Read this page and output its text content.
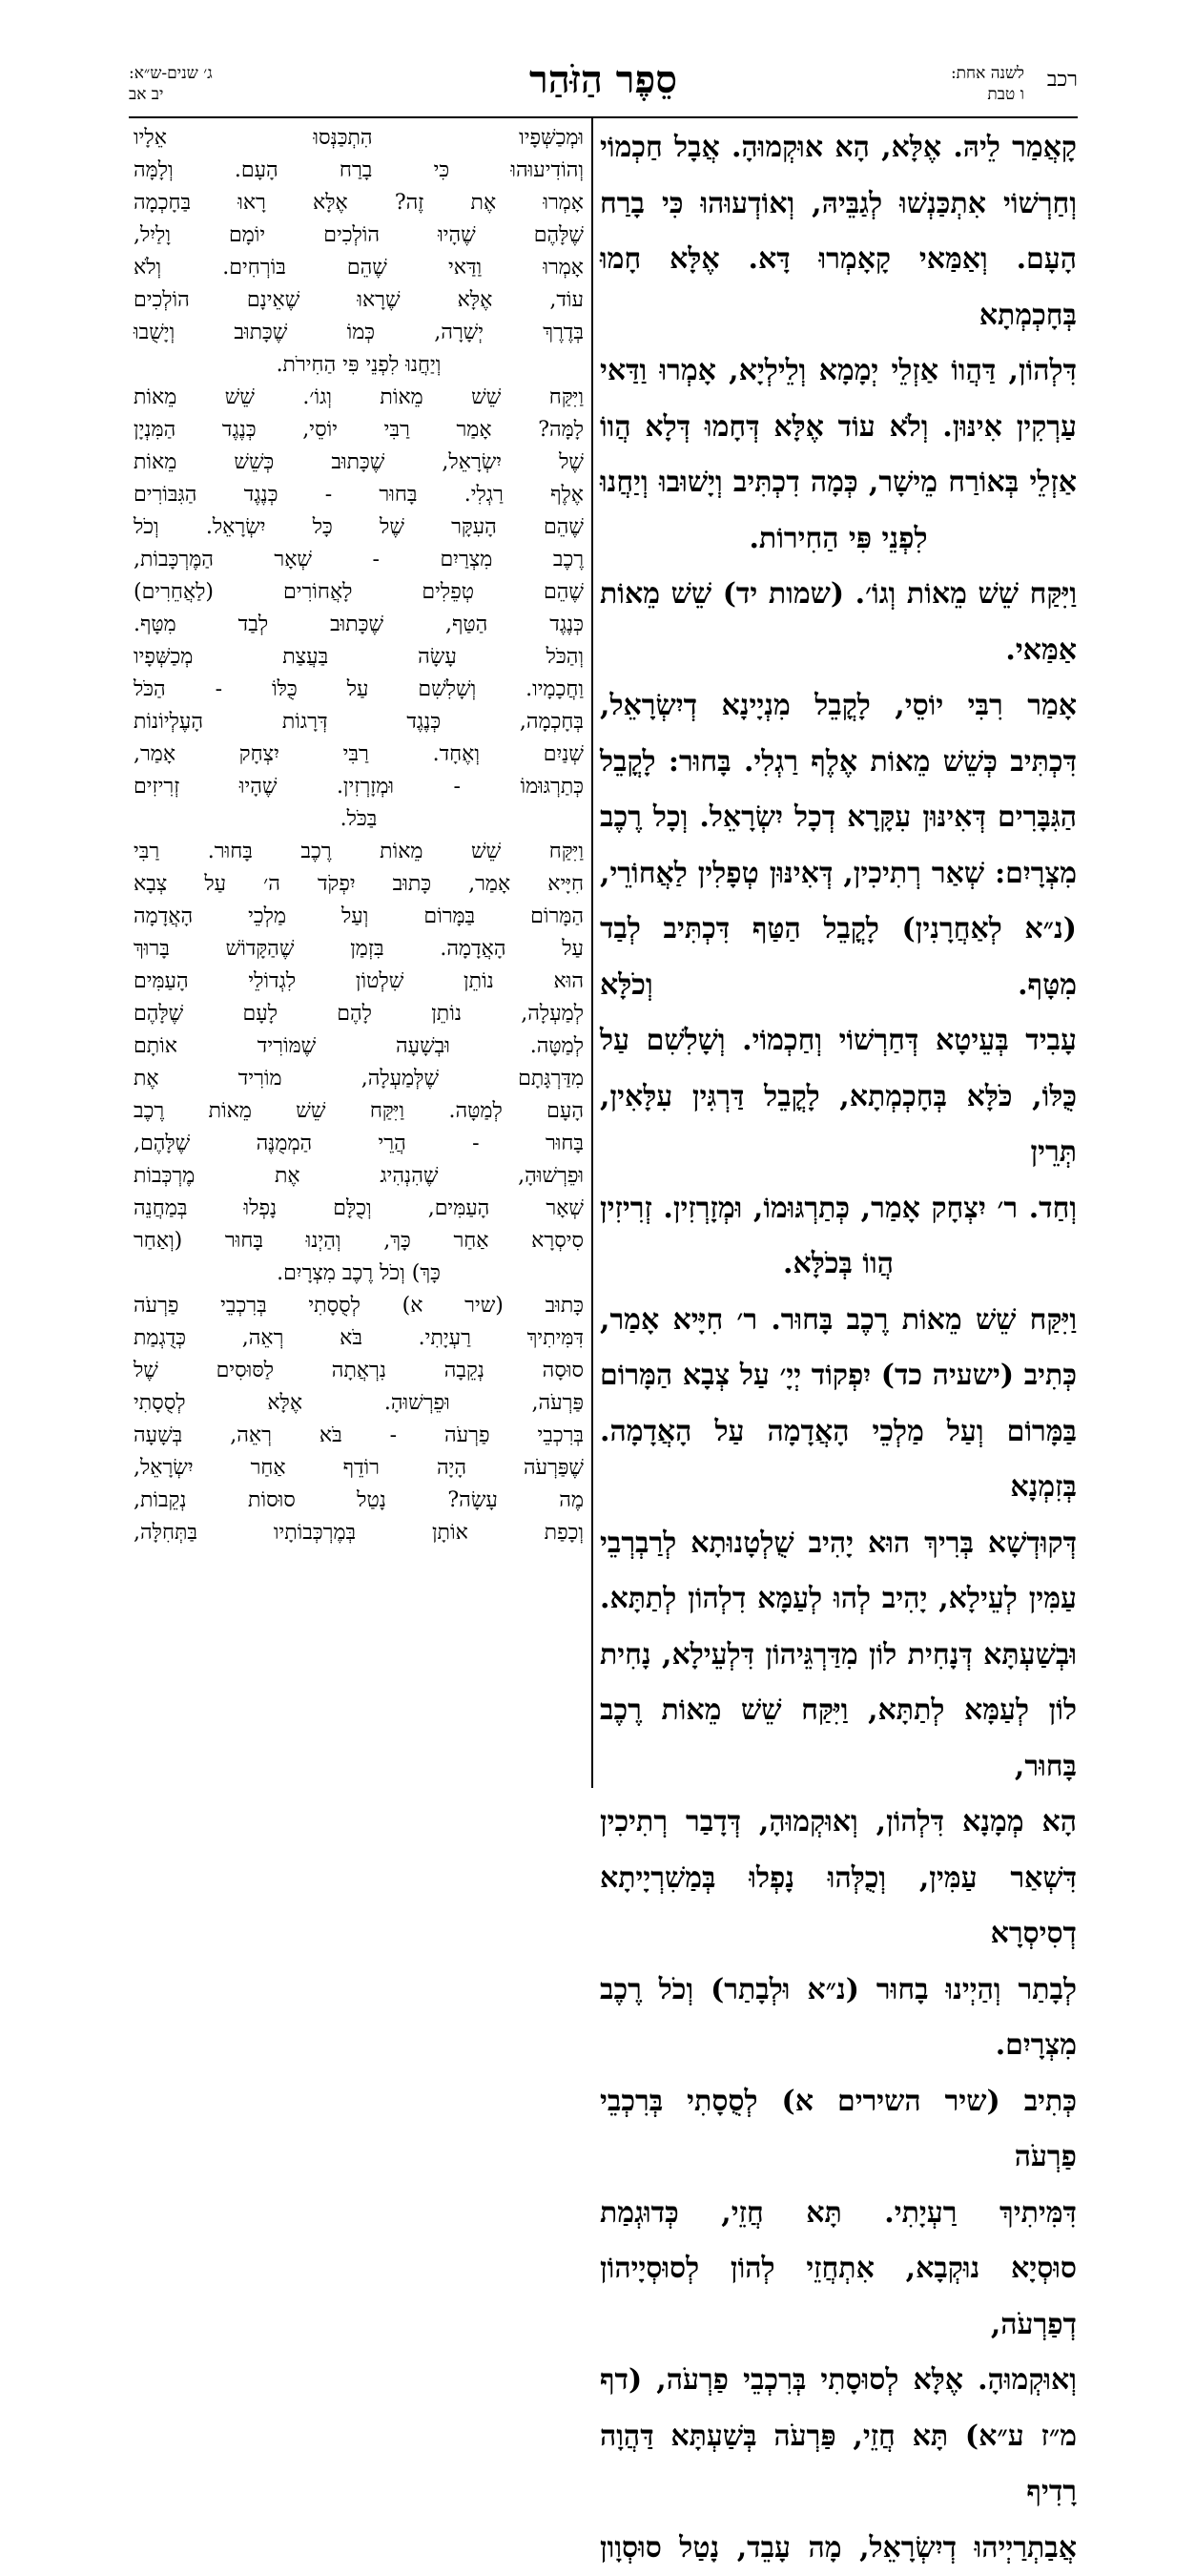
רכב
לשנה אחת:
ו טבת
סֵפֶר הַזֹּהַר
ג׳ שנים-ש״א:
יב אב

קָאֲמַר לֵיהּ. אֶלָּא, הָא אוּקְמוּהָ. אֲבָל חַכְמוֹי

וְחַרְשׁוֹי אִתְכַּנְשׁוּ לְגַבֵּיהּ, וְאוֹדְעוּהוּ כִּי בָרַח

הָעָם. וְאַמַּאי קָאָמְרוּ דָּא. אֶלָּא חָמוּ בְּחָכְמְתָא

דִּלְהוֹן, דַּהֲווֹ אַזְלֵי יְמָמָא וְלֵילְיָא, אָמְרוּ וַדַּאי

עַרְקִין אִינּוּן. וְלֹא עוֹד אֶלָּא דְּחָמוּ דְּלָא הֲווֹ

אַזְלֵי בְּאוֹרַח מֵישָׁר, כְּמָה דִכְתִּיב וְיָשׁוּבוּ וְיַחֲנוּ

לִפְנֵי פִּי הַחִירוֹת.

וַיִּקַּח שֵׁשׁ מֵאוֹת וְגוֹ׳. (שמות יד) שֵׁשׁ מֵאוֹת אַמַּאי.

אָמַר רִבִּי יוֹסֵי, לָקֳבֵל מִנְיָינָא דְיִשְׂרָאֵל,

דִּכְתִּיב כְּשֵׁשׁ מֵאוֹת אֶלֶף רַגְלִי. בָּחוּר: לָקֳבֵל

הַגִּבָּרִים דְּאִינּוּן עִקָּרָא דְכָל יִשְׂרָאֵל. וְכָל רֶכֶב

מִצְרָיִם: שְׁאַר רְתִיכִין, דְּאִינּוּן טְפָלִין לַאֲחוֹרֵי,

(נ״א לְאַחֲרָנִין) לָקֳבֵל הַטַּף דִּכְתִּיב לְבַד מִטָּף. וְכֹלָּא

עָבִיד בְּעֵיטָא דְּחַרְשׁוֹי וְחַכְמוֹי. וְשָׁלִשִׁם עַל

כֻּלּוֹ, כֹּלָּא בְּחָכְמְתָא, לָקֳבֵל דַּרְגִּין עִלָּאִין, תְּרֵין

וְחַד. ר׳ יִצְחָק אָמַר, כְּתַרְגּוּמוֹ, וּמְזָרְזִין. זְרִיזִין

הֲווֹ בְּכֹלָּא.

וַיִּקַּח שֵׁשׁ מֵאוֹת רֶכֶב בָּחוּר. ר׳ חִיָּיא אָמַר,

כְּתִיב (ישעיה כד) יִפְקוֹד יְיָ׳ עַל צְבָא הַמָּרוֹם

בַּמָּרוֹם וְעַל מַלְכֵי הָאֲדָמָה עַל הָאֲדָמָה. בְּזִמְנָא

דְּקוּדְשָׁא בְּרִיךְ הוּא יָהִיב שֻׁלְטָנוּתָא לְרַבְרְבֵי

עַמִּין לְעֵילָא, יָהִיב לְהוּ לְעַמָּא דִלְהוֹן לְתַתָּא.

וּבְשַׁעְתָּא דְּנָחִית לוֹן מִדַּרְגֵּיהוֹן דִּלְעֵילָא, נָחִית

לוֹן לְעַמָּא לְתַתָּא, וַיִּקַּח שֵׁשׁ מֵאוֹת רֶכֶב בָּחוּר,

הָא מְמָנָא דִּלְהוֹן, וְאוּקְמוּהָ, דְּדָבַר רְתִיכִין

דִּשְׁאַר עַמִּין, וְכֻלְּהוּ נָפְלוּ בְּמַשִׁרְיָיתָא דְסִיסְרָא

לְבָתַר וְהַיְינוּ בָחוּר (נ״א וּלְבָתַר) וְכֹל רֶכֶב מִצְרָיִם.

כְּתִיב (שיר השירים א) לְסֻסָתִי בְּרִכְבֵי פַרְעֹה

דִּמִּיתִיךְ רַעְיָתִי. תָּא חֲזֵי, כְּדוּגְמַת

סוּסְיָא נוּקְבָא, אִתְחֲזֵי לְהוֹן לְסוּסְיָיהוֹן דְפַרְעֹה,

וְאוּקְמוּהָ. אֶלָּא לְסוּסָתִי בְּרִכְבֵי פַרְעֹה, (דף

מ״ז ע״א) תָּא חֲזֵי, פַּרְעֹה בְּשַׁעְתָּא דַּהֲוָה רָדִיף

אֲבַתְרַיְיהוּ דְיִשְׂרָאֵל, מָה עָבֵד, נָטַל סוּסְוָון

וּמְכַשְּׁפָיו הִתְכַּנְּסוּ אֵלָיו

וְהוֹדִיעוּהוּ כִּי בָרַח הָעָם. וְלָמָּה

אָמְרוּ אֶת זֶה? אֶלָּא רָאוּ בַּחָכְמָה

שֶׁלָּהֶם שֶׁהָיוּ הוֹלְכִים יוֹמָם וָלַיִל,

אָמְרוּ וַדַּאי שֶׁהֵם בּוֹרְחִים. וְלֹא

עוֹד, אֶלָּא שֶׁרָאוּ שֶׁאֵינָם הוֹלְכִים

בְּדֶרֶךְ יְשָׁרָה, כְּמוֹ שֶׁכָּתוּב וְיָשֻׁבוּ

וְיַחֲנוּ לִפְנֵי פִּי הַחִירֹת.

וַיִּקַּח שֵׁשׁ מֵאוֹת וְגוֹ׳. שֵׁשׁ מֵאוֹת

לָמָּה? אָמַר רַבִּי יוֹסֵי, כְּנֶגֶד הַמִּנְיָן

שֶׁל יִשְׂרָאֵל, שֶׁכָּתוּב כְּשֵׁשׁ מֵאוֹת

אֶלֶף רַגְלִי. בָּחוּר - כְּנֶגֶד הַגִּבּוֹרִים

שֶׁהֵם הָעִקָּר שֶׁל כָּל יִשְׂרָאֵל. וְכֹל

רֶכֶב מִצְרַיִם - שְׁאָר הַמֶּרְכָּבוֹת,

שֶׁהֵם טְפֵלִים לָאֲחוֹרִים (לַאֲחֵרִים)

כְּנֶגֶד הַטַּף, שֶׁכָּתוּב לְבַד מִטָּף.

וְהַכֹּל עָשָׂה בַּעֲצַת מְכַשְּׁפָיו

וַחֲכָמָיו. וְשָׁלִשִׁם עַל כֻּלּוֹ - הַכֹּל

בְּחָכְמָה, כְּנֶגֶד דְּרָגוֹת הָעֶלְיוֹנוֹת

שְׁנַיִם וְאֶחָד. רַבִּי יִצְחָק אָמַר,

כְּתַרְגּוּמוֹ - וּמְזָרְזִין. שֶׁהָיוּ זְרִיזִים

בַּכֹּל.

וַיִּקַּח שֵׁשׁ מֵאוֹת רֶכֶב בָּחוּר. רַבִּי

חִיָּיא אָמַר, כָּתוּב יִפְקֹד ה׳ עַל צְבָא

הַמָּרוֹם בַּמָּרוֹם וְעַל מַלְכֵי הָאֲדָמָה

עַל הָאֲדָמָה. בִּזְמַן שֶׁהַקָּדוֹשׁ בָּרוּךְ

הוּא נוֹתֵן שִׁלְטוֹן לִגְדוֹלֵי הָעַמִּים

לְמַעְלָה, נוֹתֵן לָהֶם לָעָם שֶׁלָּהֶם

לְמַטָּה. וּבְשָׁעָה שֶׁמּוֹרִיד אוֹתָם

מִדַּרְגָּתָם שֶׁלְּמַעְלָה, מוֹרִיד אֶת

הָעָם לְמַטָּה. וַיִּקַּח שֵׁשׁ מֵאוֹת רֶכֶב

בָּחוּר - הֲרֵי הַמְמֻנֶּה שֶׁלָּהֶם,

וּפֵרְשׁוּהָ, שֶׁהִנְהִיג אֶת מֶרְכְּבוֹת

שְׁאָר הָעַמִּים, וְכֻלָּם נָפְלוּ בְּמַחֲנֵה

סִיסְרָא אַחַר כָּךְ, וְהַיְנוּ בָּחוּר (וְאַחַר

כָּךְ) וְכֹל רֶכֶב מִצְרָיִם.

כָּתוּב (שיר א) לְסֻסָתִי בְּרִכְבֵי פַרְעֹה

דִּמִּיתִיךְ רַעְיָתִי. בֹּא רְאֵה, כְּדֻגְמַת

סוּסָה נְקֵבָה נִרְאֲתָה לַסּוּסִים שֶׁל

פַּרְעֹה, וּפֵרְשׁוּהָ. אֶלָּא לְסֻסָתִי

בְּרִכְבֵי פַרְעֹה - בֹּא רְאֵה, בְּשָׁעָה

שֶׁפַּרְעֹה הָיָה רוֹדֵף אַחַר יִשְׂרָאֵל,

מֶה עָשָׂה? נָטַל סוּסוֹת נְקֵבוֹת,

וְכָפַת אוֹתָן בְּמֶרְכְּבוֹתָיו בַּתְּחִלָּה,
